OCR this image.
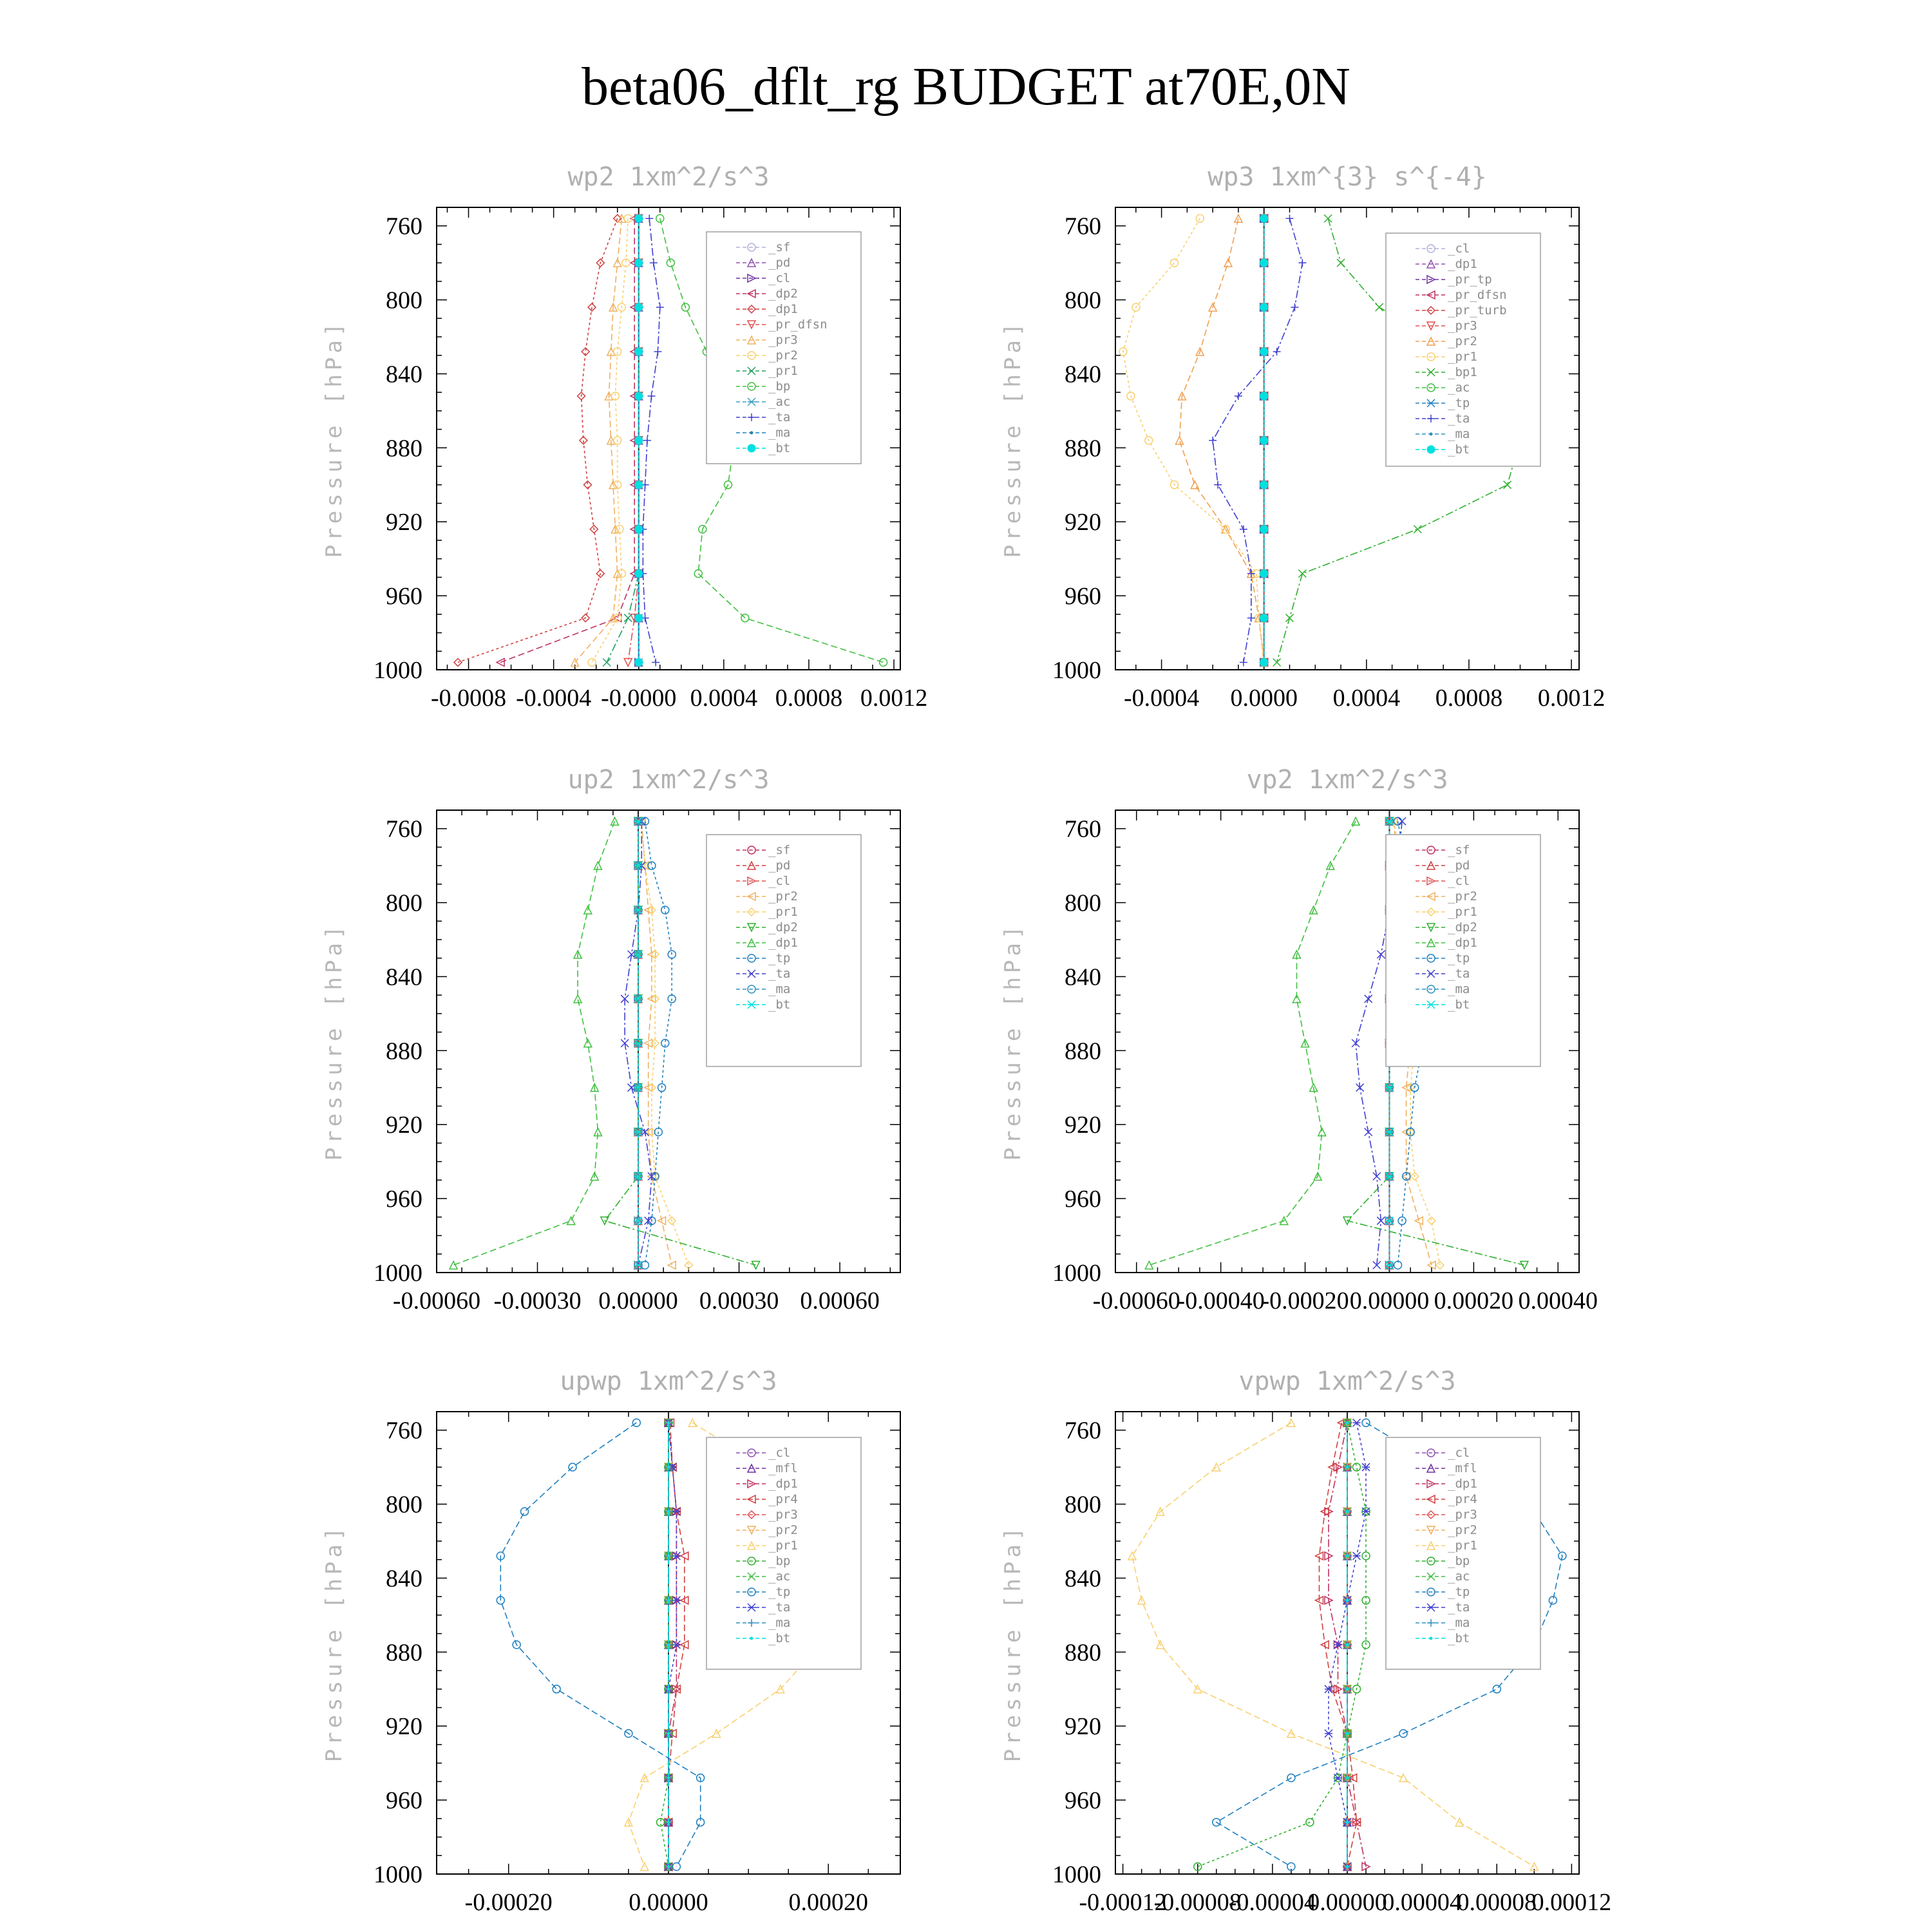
beta06_dflt_rg BUDGET at70E,0N
wp2 1xm^2/s^3
Pressure [hPa]
760
800
840
880
920
960
1000
-0.0008 -0.0004 -0.0000 0.0004 0.0008 0.0012
_sf
_pd
_cl
_dp2
_dp1
_pr_dfsn
_pr3
_pr2
_pr1
_bp
_ac
_ta
_ma
_bt
wp3 1xm^{3} s^{-4}
Pressure [hPa]
760
800
840
880
920
960
1000
-0.0004 0.0000 0.0004 0.0008 0.0012
_cl
_dp1
_pr_tp
_pr_dfsn
_pr_turb
_pr3
_pr2
_pr1
_bp1
_ac
_tp
_ta
_ma
_bt
up2 1xm^2/s^3
Pressure [hPa]
760
800
840
880
920
960
1000
-0.00060 -0.00030 0.00000 0.00030 0.00060
_sf
_pd
_cl
_pr2
_pr1
_dp2
_dp1
_tp
_ta
_ma
_bt
vp2 1xm^2/s^3
Pressure [hPa]
760
800
840
880
920
960
1000
-0.00060
-0.00040
-0.00020 0.00000 0.00020 0.00040
_sf
_pd
_cl
_pr2
_pr1
_dp2
_dp1
_tp
_ta
_ma
_bt
upwp 1xm^2/s^3
Pressure [hPa]
760
800
840
880
920
960
1000
-0.00020	0.00000	0.00020
_cl
_mfl
_dp1
_pr4
_pr3
_pr2
_pr1
_bp
_ac
_tp
_ta
_ma
_bt
vpwp 1xm^2/s^3
Pressure [hPa]
760
800
840
880
920
960
1000
-0.00012
-0.00008
-0.00004
0.00000
0.00004
0.00008
0.00012
_cl
_mfl
_dp1
_pr4
_pr3
_pr2
_pr1
_bp
_ac
_tp
_ta
_ma
_bt
